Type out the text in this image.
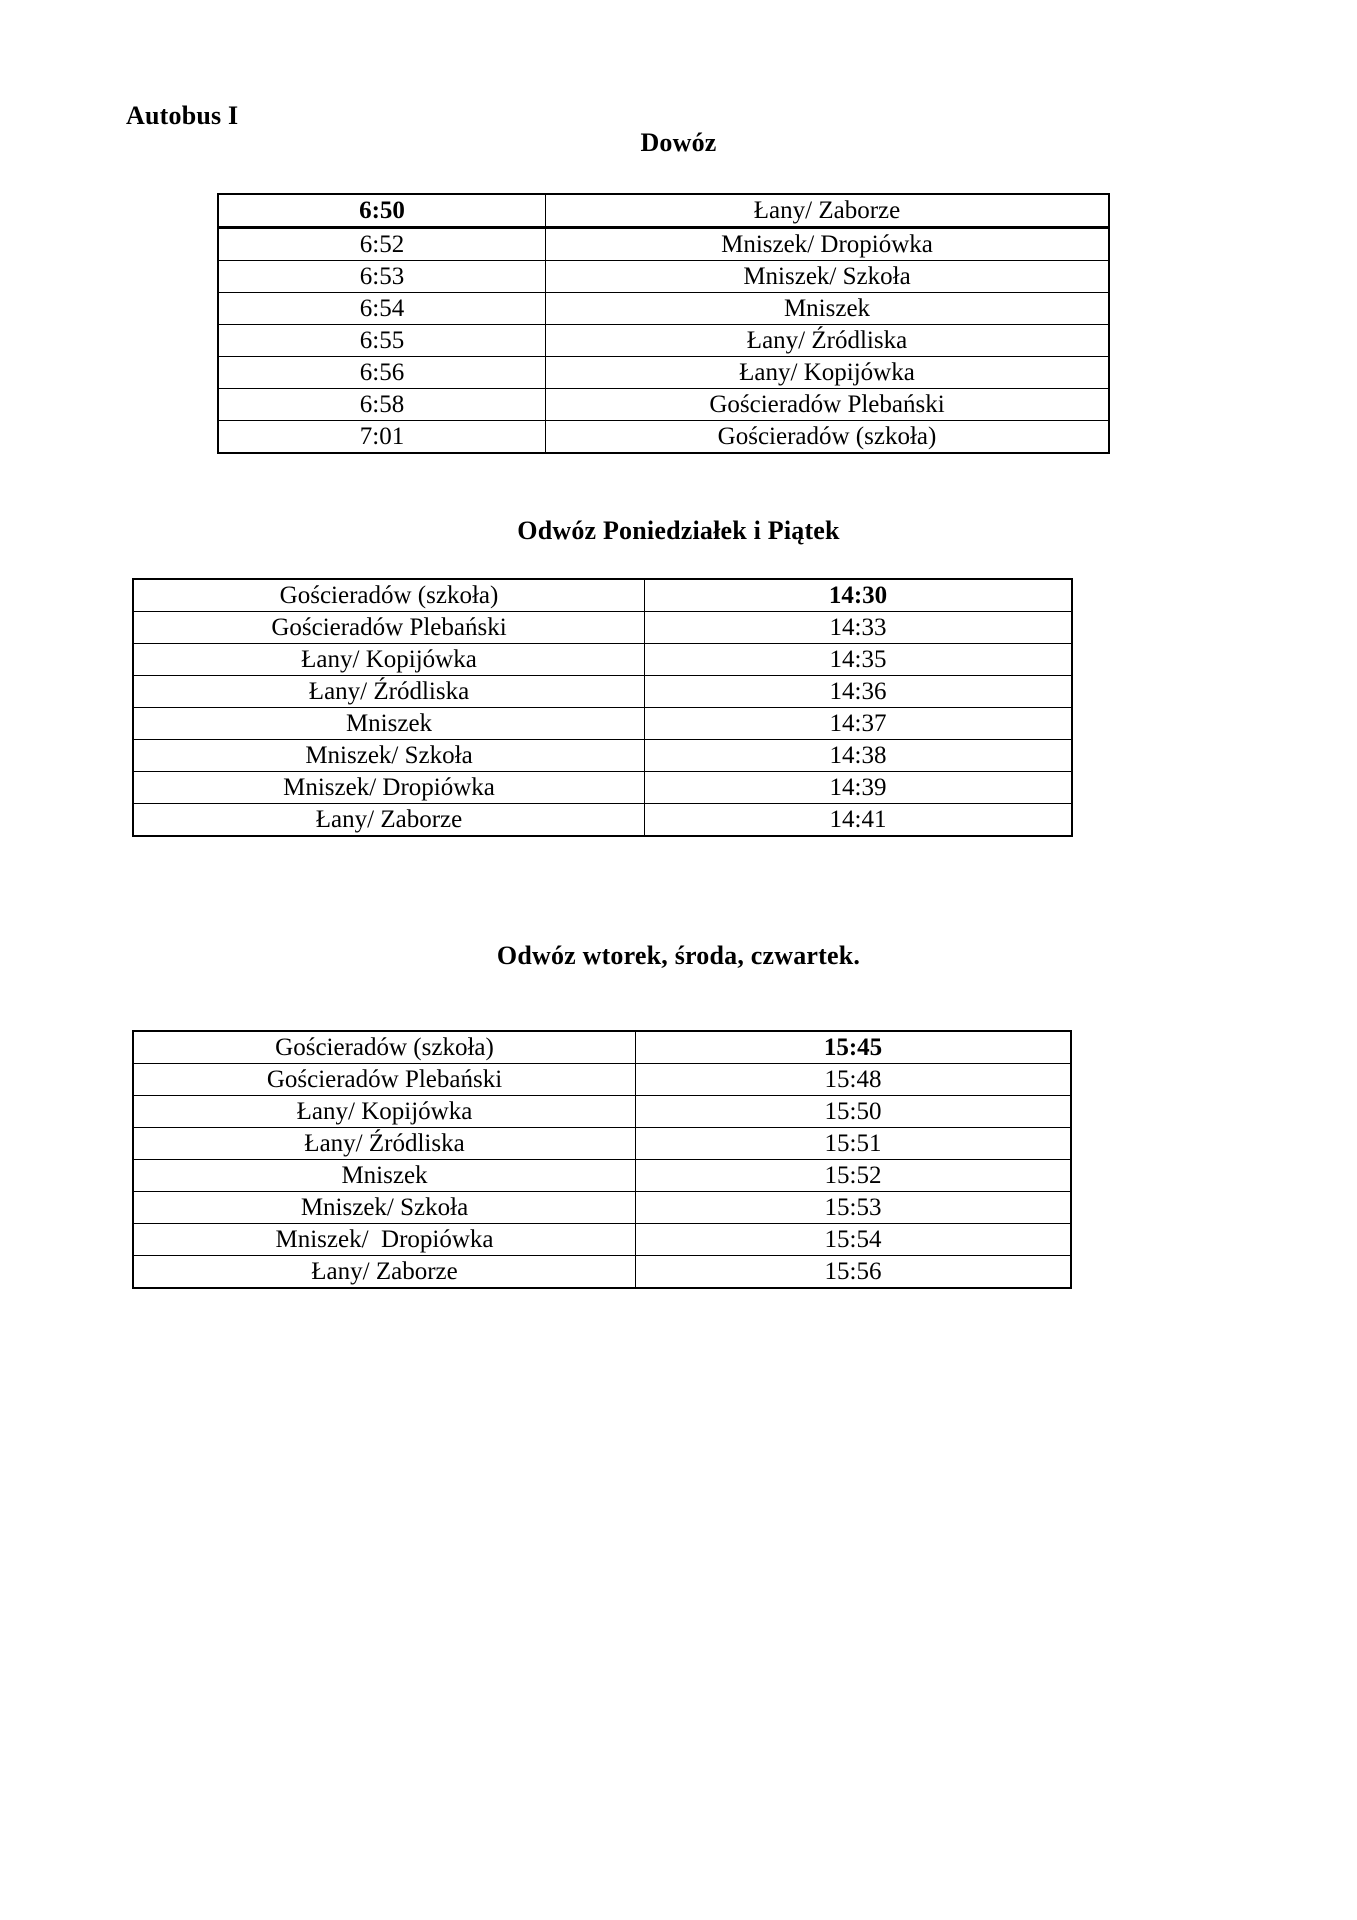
Autobus I
Dowóz
6:50	Łany/ Zaborze
6:52	Mniszek/ Dropiówka
6:53	Mniszek/ Szkoła
6:54	Mniszek
6:55	Łany/ Źródliska
6:56	Łany/ Kopijówka
6:58	Gościeradów Plebański
7:01	Gościeradów (szkoła)
Odwóz Poniedziałek i Piątek
Gościeradów (szkoła)	14:30
Gościeradów Plebański	14:33
Łany/ Kopijówka	14:35
Łany/ Źródliska	14:36
Mniszek	14:37
Mniszek/ Szkoła	14:38
Mniszek/ Dropiówka	14:39
Łany/ Zaborze	14:41
Odwóz wtorek, środa, czwartek.
Gościeradów (szkoła)	15:45
Gościeradów Plebański	15:48
Łany/ Kopijówka	15:50
Łany/ Źródliska	15:51
Mniszek	15:52
Mniszek/ Szkoła	15:53
Mniszek/  Dropiówka	15:54
Łany/ Zaborze	15:56
